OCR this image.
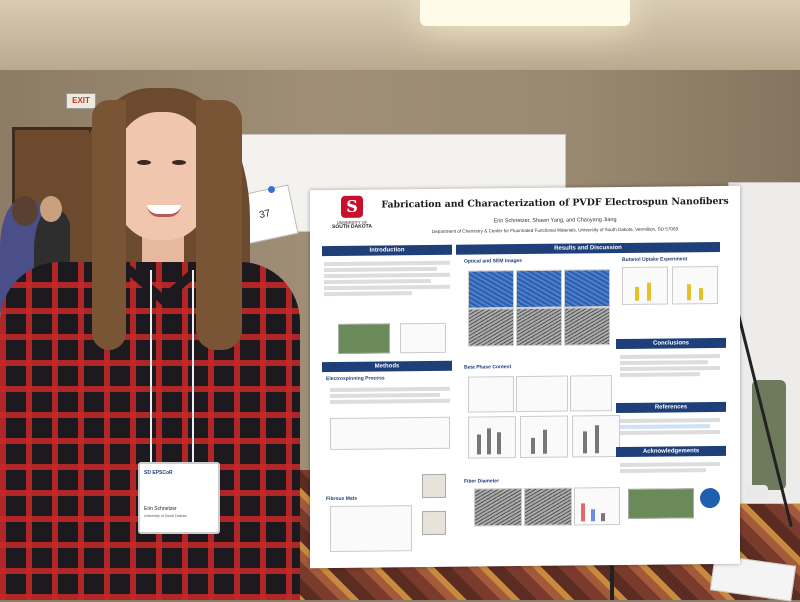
EXIT
S
UNIVERSITY OF
SOUTH DAKOTA
Fabrication and Characterization of PVDF Electrospun Nanofibers
Erin Schnetzer, Shawn Yang, and Chaoyang Jiang
Department of Chemistry & Center for Fluorinated Functional Materials, University of South Dakota, Vermillion, SD 57069
Introduction
Methods
Electrospinning Process
Fibrous Mats
Results and Discussion
Optical and SEM Images
Beta Phase Content
Fiber Diameter
Butanol Uptake Experiment
Conclusions
References
Acknowledgements
37
SD EPSCoR
Erin Schnetzer
University of South Dakota
